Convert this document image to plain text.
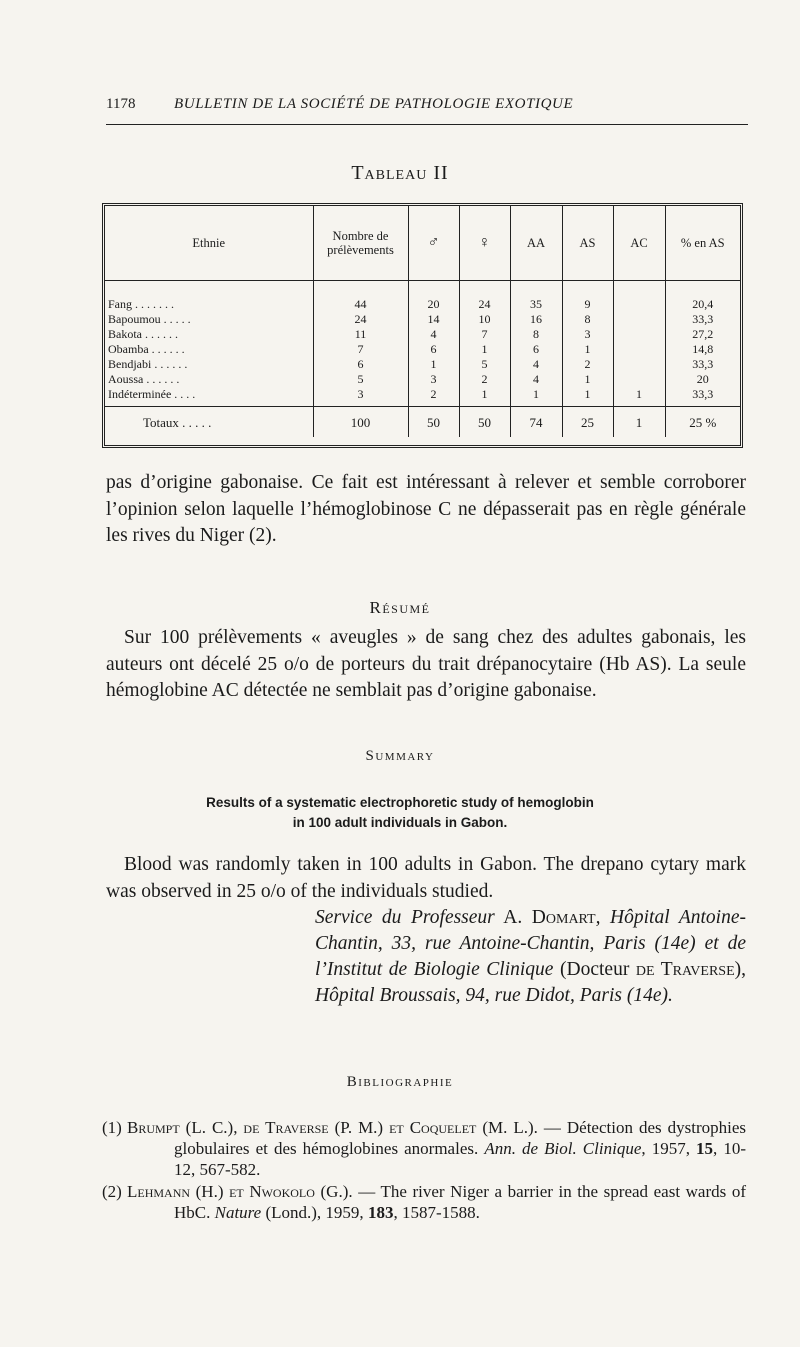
1178	BULLETIN DE LA SOCIÉTÉ DE PATHOLOGIE EXOTIQUE
Tableau II
Ethnie	Nombre de prélèvements	♂	♀	AA	AS	AC	% en AS
Fang . . . . . . .	44	20	24	35	9		20,4
Bapoumou . . . . .	24	14	10	16	8		33,3
Bakota . . . . . .	11	4	7	8	3		27,2
Obamba . . . . . .	7	6	1	6	1		14,8
Bendjabi . . . . . .	6	1	5	4	2		33,3
Aoussa . . . . . .	5	3	2	4	1		20
Indéterminée . . . .	3	2	1	1	1	1	33,3
Totaux . . . . .	100	50	50	74	25	1	25 %

pas d’origine gabonaise. Ce fait est intéressant à relever et semble corroborer l’opinion selon laquelle l’hémoglobinose C ne dépasserait pas en règle générale les rives du Niger (2).

Résumé

Sur 100 prélèvements « aveugles » de sang chez des adultes gabonais, les auteurs ont décelé 25 o/o de porteurs du trait drépanocytaire (Hb AS). La seule hémoglobine AC détectée ne semblait pas d’origine gabonaise.

Summary
Results of a systematic electrophoretic study of hemoglobin
in 100 adult individuals in Gabon.

Blood was randomly taken in 100 adults in Gabon. The drepano cytary mark was observed in 25 o/o of the individuals studied.

Service du Professeur A. Domart, Hôpital Antoine-Chantin, 33, rue Antoine-Chantin, Paris (14e) et de l’Institut de Biologie Clinique (Docteur de Traverse), Hôpital Broussais, 94, rue Didot, Paris (14e).
Bibliographie
(1) Brumpt (L. C.), de Traverse (P. M.) et Coquelet (M. L.). — Détection des dystrophies globulaires et des hémoglobines anormales. Ann. de Biol. Clinique, 1957, 15, 10-12, 567-582.
(2) Lehmann (H.) et Nwokolo (G.). — The river Niger a barrier in the spread east wards of HbC. Nature (Lond.), 1959, 183, 1587-1588.
